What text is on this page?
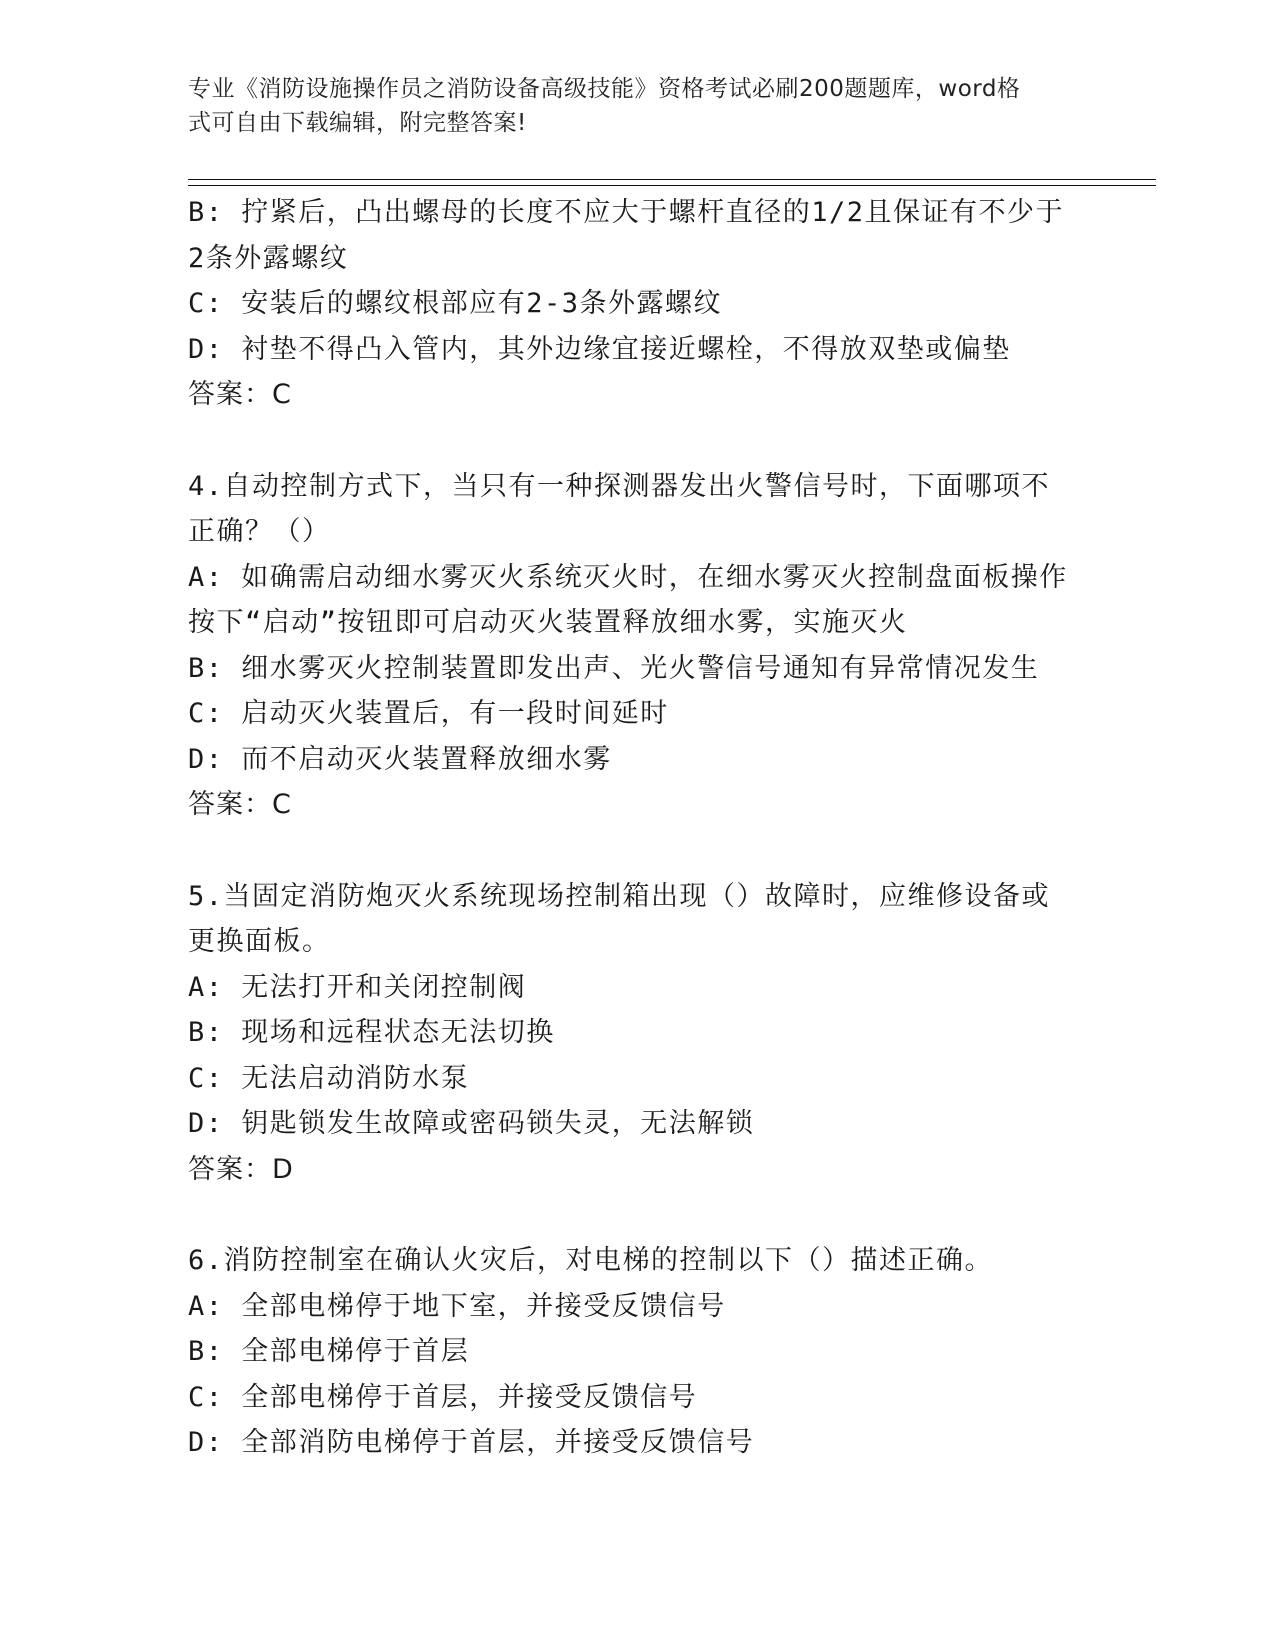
专业《消防设施操作员之消防设备高级技能》资格考试必刷200题题库，word格
式可自由下载编辑，附完整答案!
B: 拧紧后，凸出螺母的长度不应大于螺杆直径的1/2且保证有不少于
2条外露螺纹
C: 安装后的螺纹根部应有2-3条外露螺纹
D: 衬垫不得凸入管内，其外边缘宜接近螺栓，不得放双垫或偏垫
答案：C
4.自动控制方式下，当只有一种探测器发出火警信号时，下面哪项不
正确？（）
A: 如确需启动细水雾灭火系统灭火时，在细水雾灭火控制盘面板操作
按下“启动”按钮即可启动灭火装置释放细水雾，实施灭火
B: 细水雾灭火控制装置即发出声、光火警信号通知有异常情况发生
C: 启动灭火装置后，有一段时间延时
D: 而不启动灭火装置释放细水雾
答案：C
5.当固定消防炮灭火系统现场控制箱出现（）故障时，应维修设备或
更换面板。
A: 无法打开和关闭控制阀
B: 现场和远程状态无法切换
C: 无法启动消防水泵
D: 钥匙锁发生故障或密码锁失灵，无法解锁
答案：D
6.消防控制室在确认火灾后，对电梯的控制以下（）描述正确。
A: 全部电梯停于地下室，并接受反馈信号
B: 全部电梯停于首层
C: 全部电梯停于首层，并接受反馈信号
D: 全部消防电梯停于首层，并接受反馈信号
